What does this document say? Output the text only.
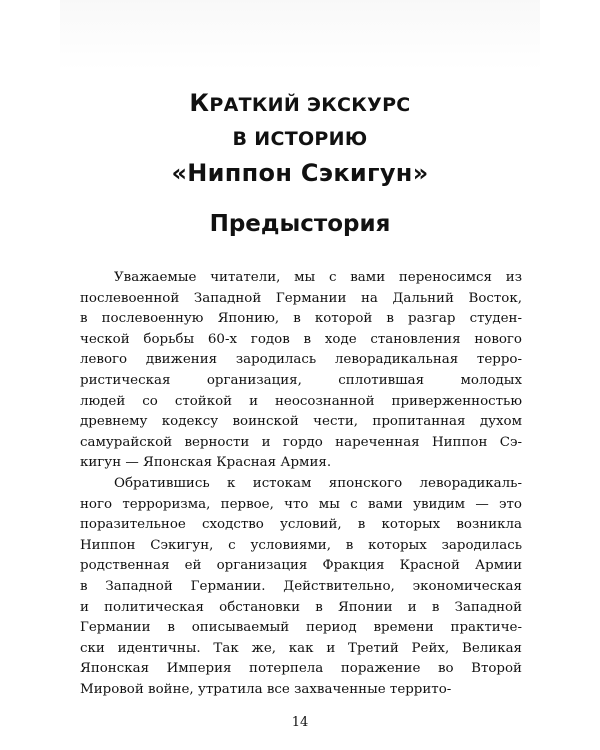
КРАТКИЙ ЭКСКУРС
В ИСТОРИЮ
«Ниппон Сэкигун»
Предыстория
Уважаемые читатели, мы с вами переносимся из
послевоенной Западной Германии на Дальний Восток,
в послевоенную Японию, в которой в разгар студен-
ческой борьбы 60-х годов в ходе становления нового
левого движения зародилась леворадикальная терро-
ристическая организация, сплотившая молодых
людей со стойкой и неосознанной приверженностью
древнему кодексу воинской чести, пропитанная духом
самурайской верности и гордо нареченная Ниппон Сэ-
кигун — Японская Красная Армия.
Обратившись к истокам японского леворадикаль-
ного терроризма, первое, что мы с вами увидим — это
поразительное сходство условий, в которых возникла
Ниппон Сэкигун, с условиями, в которых зародилась
родственная ей организация Фракция Красной Армии
в Западной Германии. Действительно, экономическая
и политическая обстановки в Японии и в Западной
Германии в описываемый период времени практиче-
ски идентичны. Так же, как и Третий Рейх, Великая
Японская Империя потерпела поражение во Второй
Мировой войне, утратила все захваченные террито-
14
